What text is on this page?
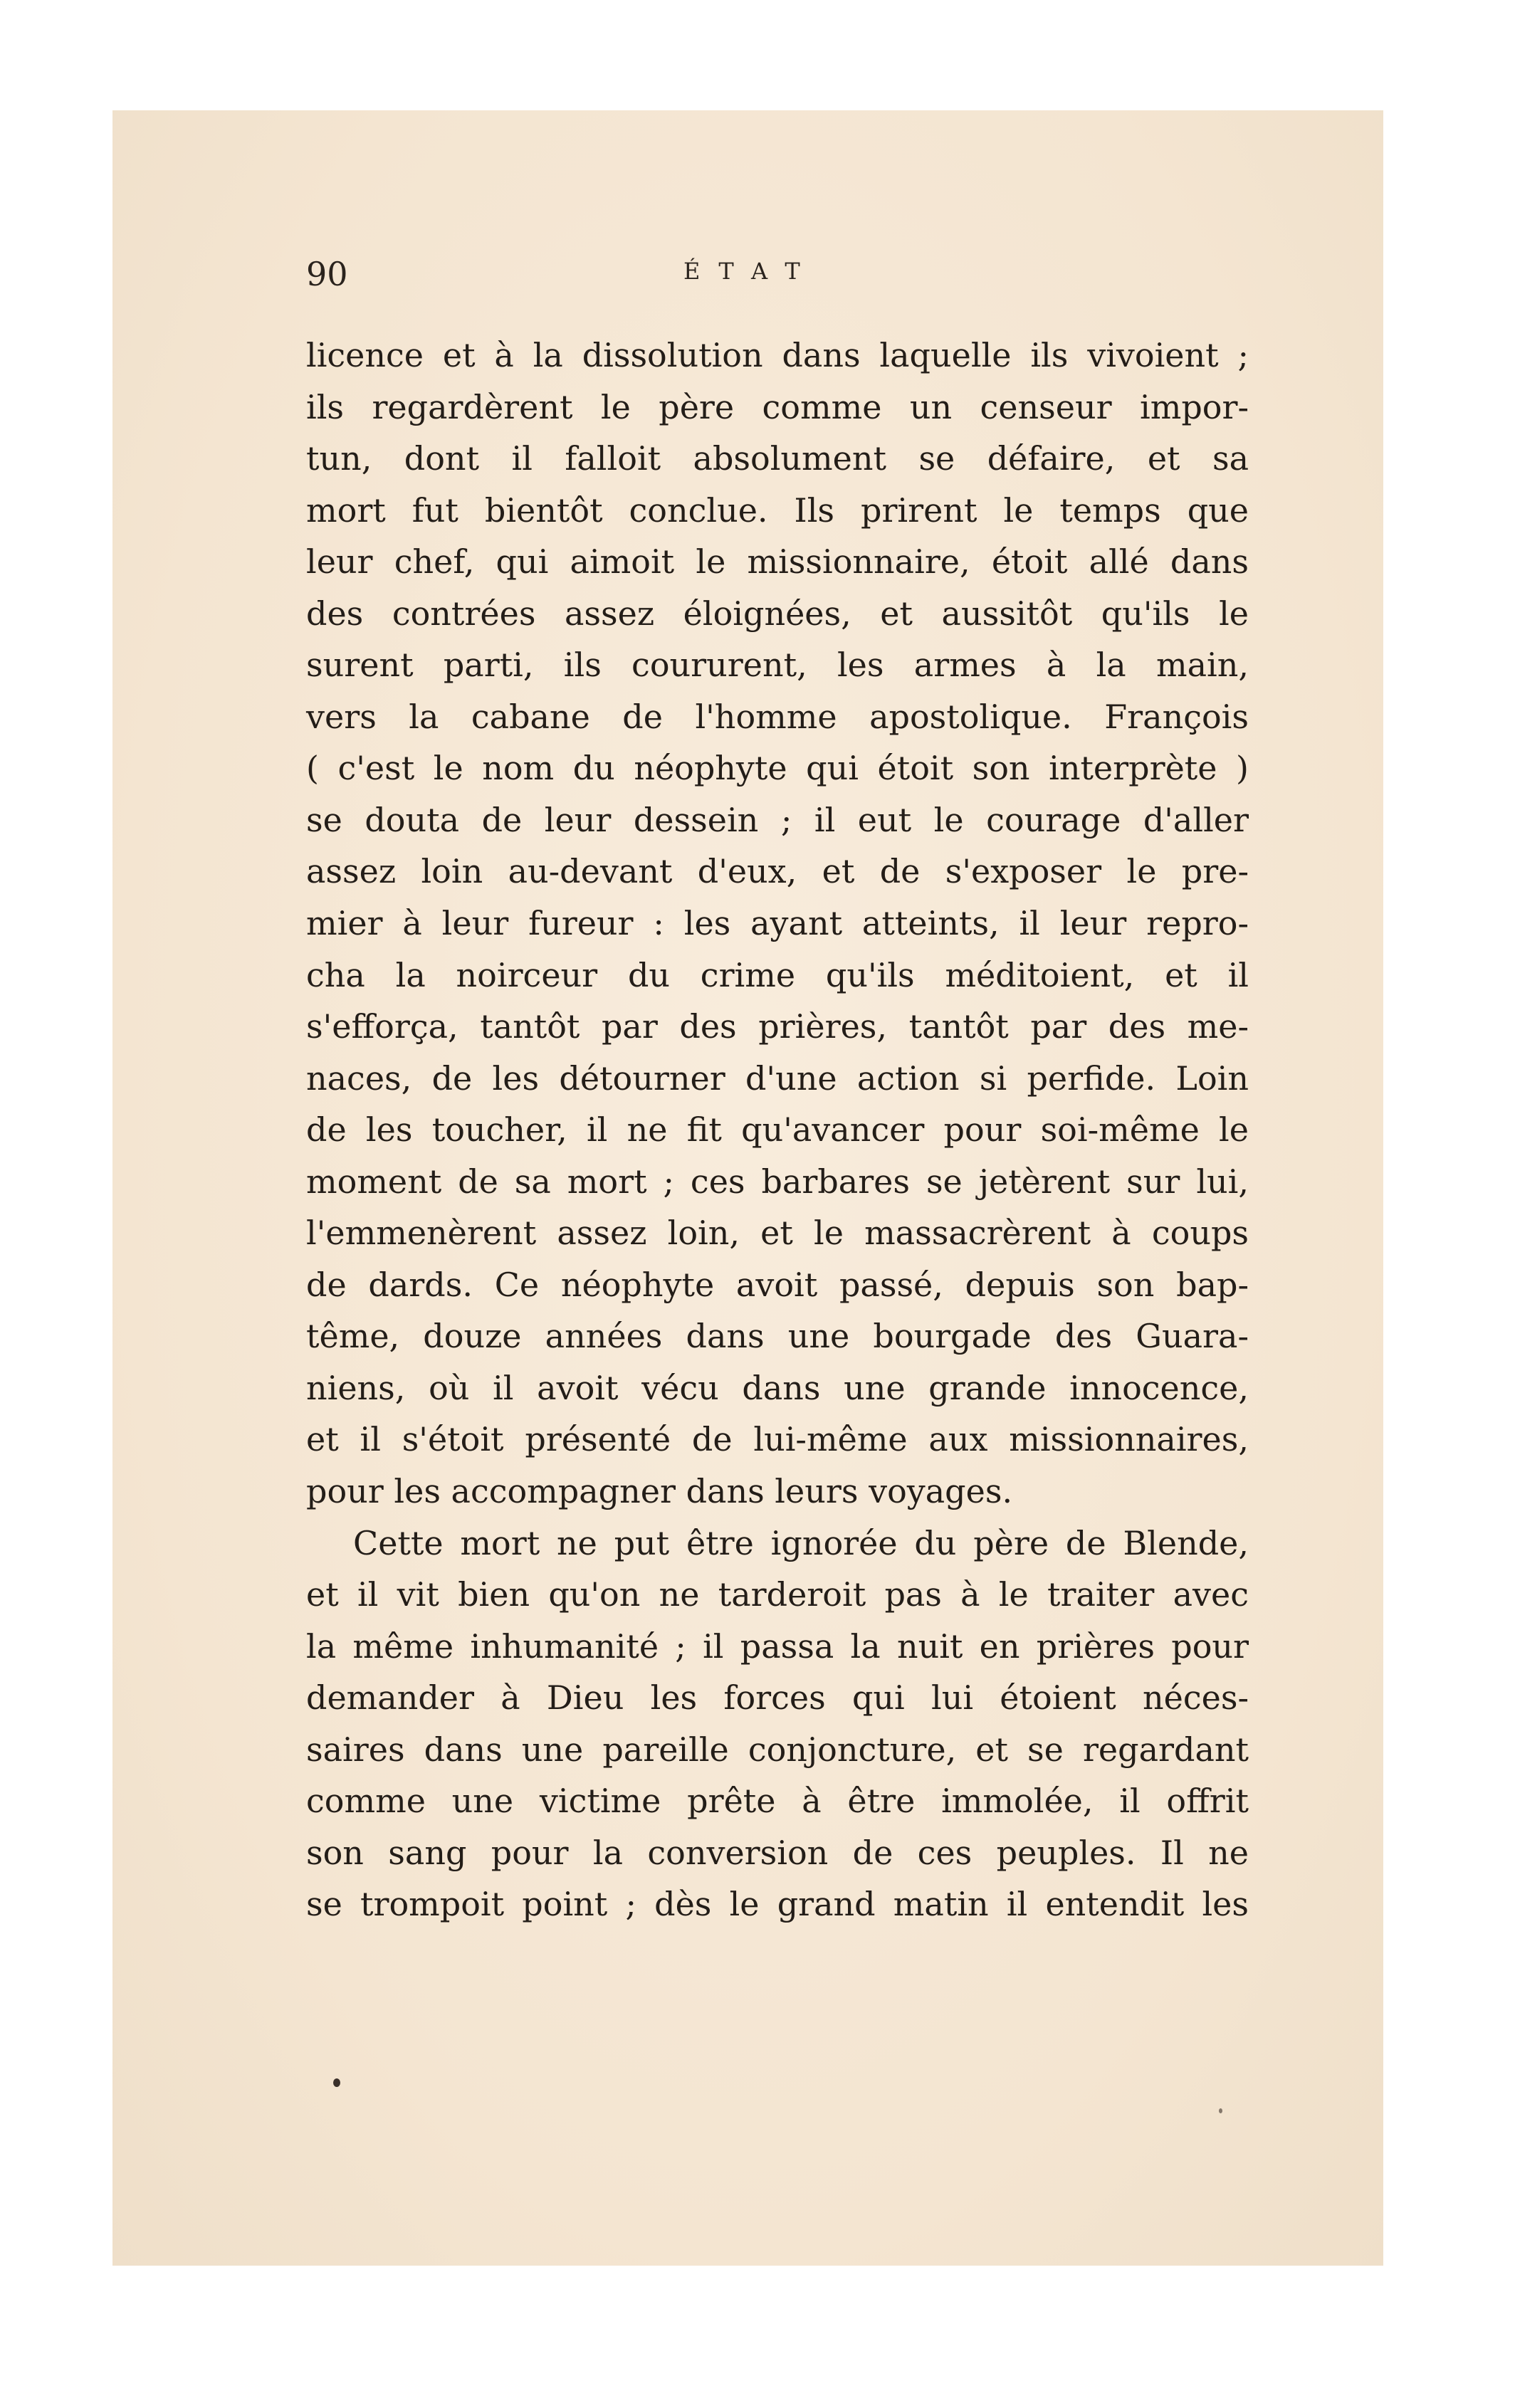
90	ÉTAT
licence et à la dissolution dans laquelle ils vivoient ;
ils regardèrent le père comme un censeur impor-
tun, dont il falloit absolument se défaire, et sa
mort fut bientôt conclue. Ils prirent le temps que
leur chef, qui aimoit le missionnaire, étoit allé dans
des contrées assez éloignées, et aussitôt qu'ils le
surent parti, ils coururent, les armes à la main,
vers la cabane de l'homme apostolique. François
( c'est le nom du néophyte qui étoit son interprète )
se douta de leur dessein ; il eut le courage d'aller
assez loin au-devant d'eux, et de s'exposer le pre-
mier à leur fureur : les ayant atteints, il leur repro-
cha la noirceur du crime qu'ils méditoient, et il
s'efforça, tantôt par des prières, tantôt par des me-
naces, de les détourner d'une action si perfide. Loin
de les toucher, il ne fit qu'avancer pour soi-même le
moment de sa mort ; ces barbares se jetèrent sur lui,
l'emmenèrent assez loin, et le massacrèrent à coups
de dards. Ce néophyte avoit passé, depuis son bap-
tême, douze années dans une bourgade des Guara-
niens, où il avoit vécu dans une grande innocence,
et il s'étoit présenté de lui-même aux missionnaires,
pour les accompagner dans leurs voyages.
Cette mort ne put être ignorée du père de Blende,
et il vit bien qu'on ne tarderoit pas à le traiter avec
la même inhumanité ; il passa la nuit en prières pour
demander à Dieu les forces qui lui étoient néces-
saires dans une pareille conjoncture, et se regardant
comme une victime prête à être immolée, il offrit
son sang pour la conversion de ces peuples. Il ne
se trompoit point ; dès le grand matin il entendit les
